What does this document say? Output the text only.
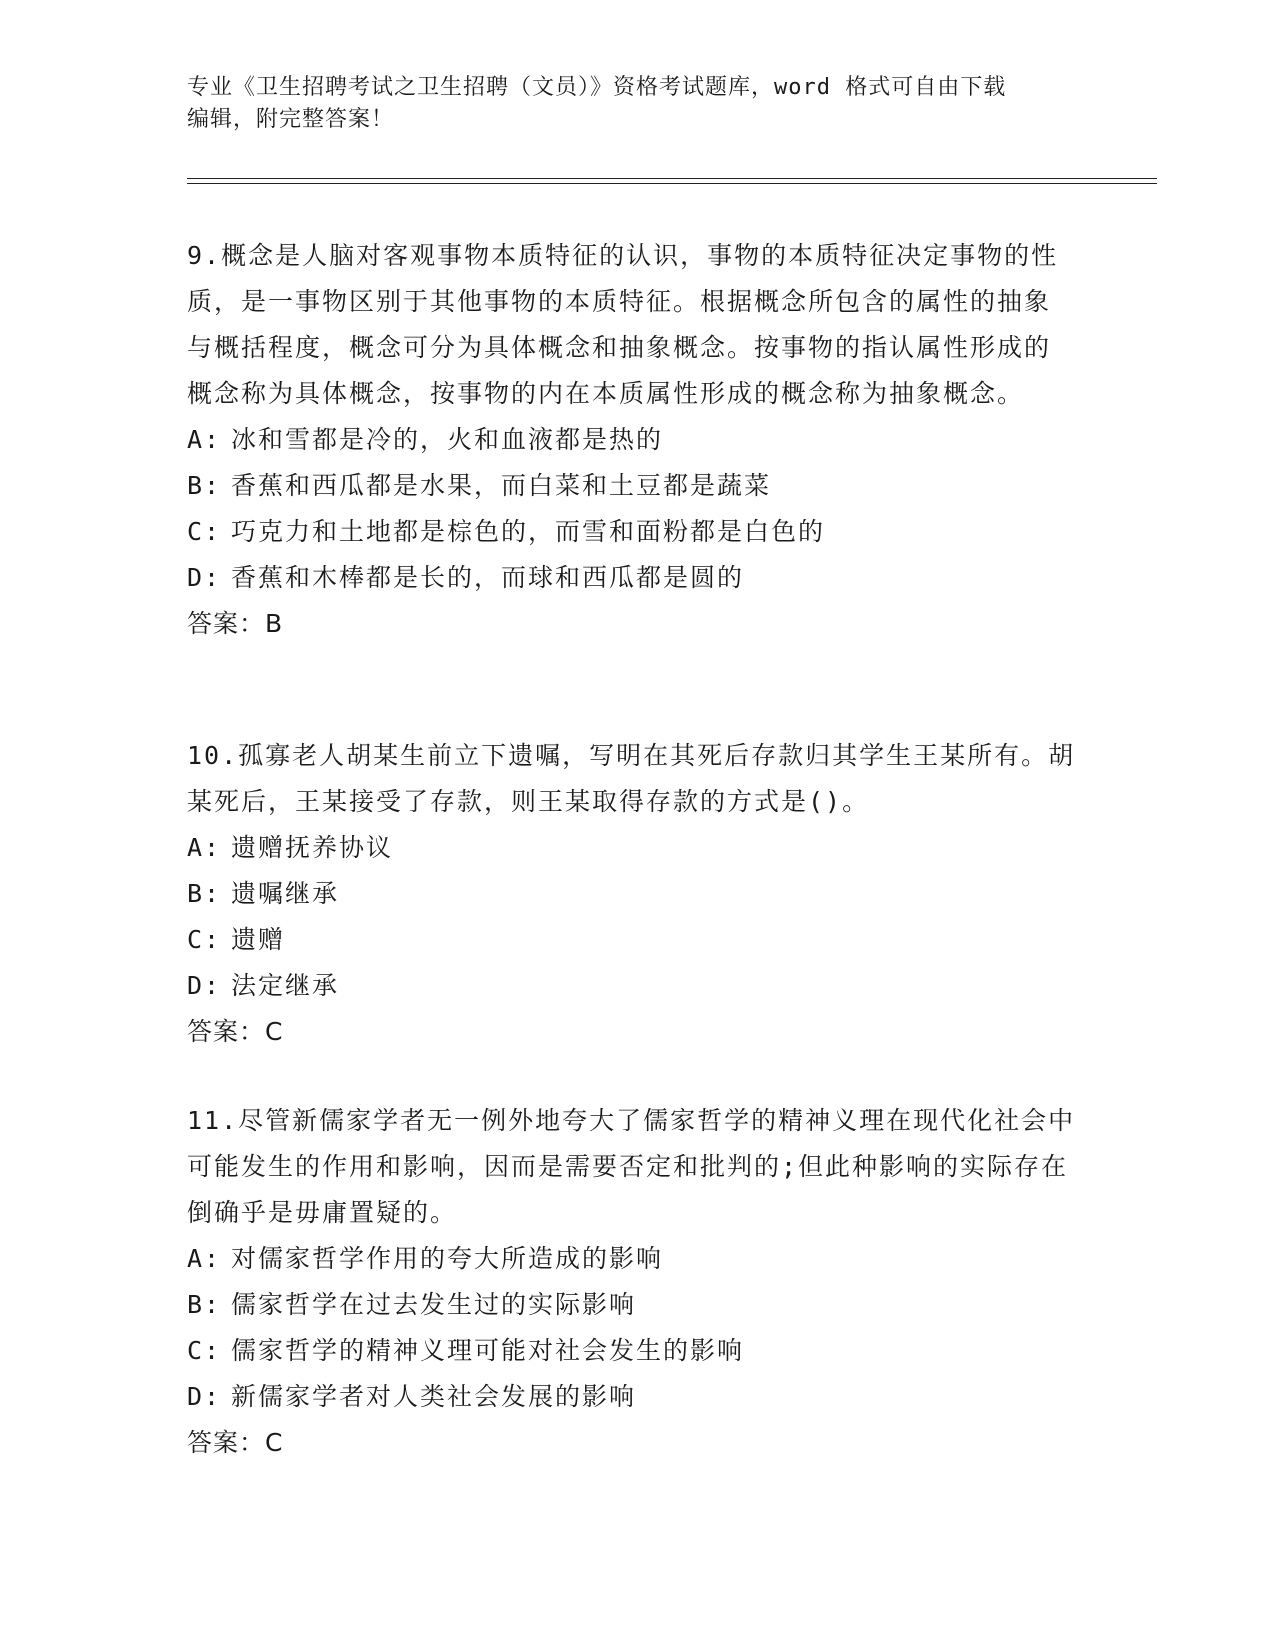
专业《卫生招聘考试之卫生招聘（文员）》资格考试题库，word 格式可自由下载
编辑，附完整答案！

9.概念是人脑对客观事物本质特征的认识，事物的本质特征决定事物的性质，是一事物区别于其他事物的本质特征。根据概念所包含的属性的抽象与概括程度，概念可分为具体概念和抽象概念。按事物的指认属性形成的概念称为具体概念，按事物的内在本质属性形成的概念称为抽象概念。

A: 冰和雪都是冷的，火和血液都是热的

B: 香蕉和西瓜都是水果，而白菜和土豆都是蔬菜

C: 巧克力和土地都是棕色的，而雪和面粉都是白色的

D: 香蕉和木棒都是长的，而球和西瓜都是圆的

答案：B

10.孤寡老人胡某生前立下遗嘱，写明在其死后存款归其学生王某所有。胡某死后，王某接受了存款，则王某取得存款的方式是()。

A: 遗赠抚养协议

B: 遗嘱继承

C: 遗赠

D: 法定继承

答案：C

11.尽管新儒家学者无一例外地夸大了儒家哲学的精神义理在现代化社会中可能发生的作用和影响，因而是需要否定和批判的;但此种影响的实际存在倒确乎是毋庸置疑的。

A: 对儒家哲学作用的夸大所造成的影响

B: 儒家哲学在过去发生过的实际影响

C: 儒家哲学的精神义理可能对社会发生的影响

D: 新儒家学者对人类社会发展的影响

答案：C
